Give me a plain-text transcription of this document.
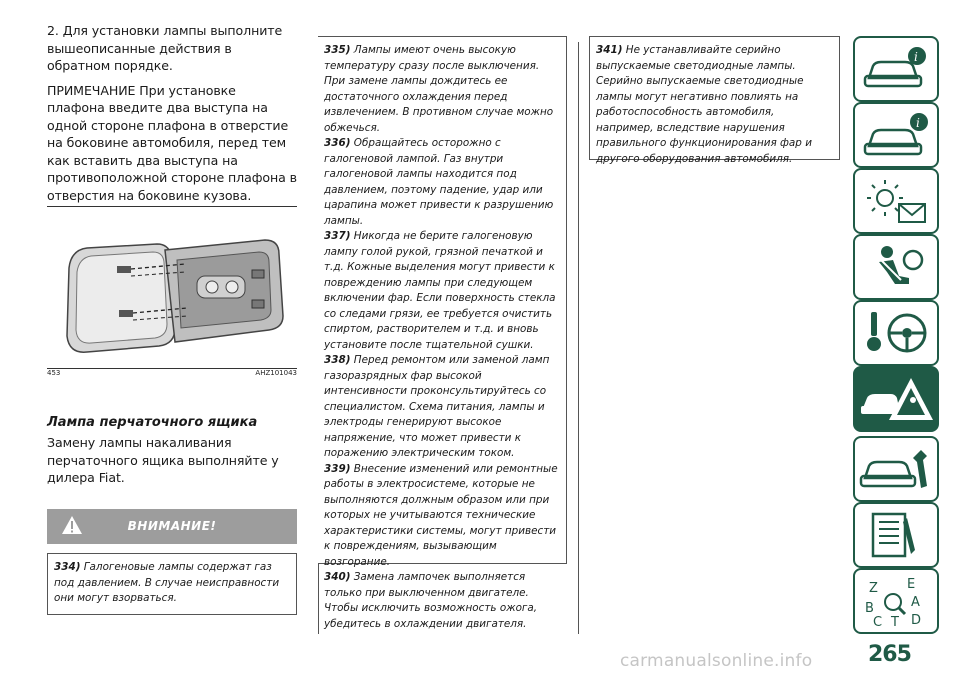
2. Для установки лампы выполните вышеописанные действия в обратном порядке.

ПРИМЕЧАНИЕ При установке плафона введите два выступа на одной стороне плафона в отверстие на боковине автомобиля, перед тем как вставить два выступа на противоположной стороне плафона в отверстия на боковине кузова.

453	AHZ101043
Лампа перчаточного ящика

Замену лампы накаливания перчаточного ящика выполняйте у дилера Fiat.

ВНИМАНИЕ!

334) Галогеновые лампы содержат газ под давлением. В случае неисправности они могут взорваться.

335) Лампы имеют очень высокую температуру сразу после выключения. При замене лампы дождитесь ее достаточного охлаждения перед извлечением. В противном случае можно обжечься.

336) Обращайтесь осторожно с галогеновой лампой. Газ внутри галогеновой лампы находится под давлением, поэтому падение, удар или царапина может привести к разрушению лампы.

337) Никогда не берите галогеновую лампу голой рукой, грязной печаткой и т.д. Кожные выделения могут привести к повреждению лампы при следующем включении фар. Если поверхность стекла со следами грязи, ее требуется очистить спиртом, растворителем и т.д. и вновь установите после тщательной сушки.

338) Перед ремонтом или заменой ламп газоразрядных фар высокой интенсивности проконсультируйтесь со специалистом. Схема питания, лампы и электроды генерируют высокое напряжение, что может привести к поражению электрическим током.

339) Внесение изменений или ремонтные работы в электросистеме, которые не выполняются должным образом или при которых не учитываются технические характеристики системы, могут привести к повреждениям, вызывающим возгорание.

340) Замена лампочек выполняется только при выключенном двигателе. Чтобы исключить возможность ожога, убедитесь в охлаждении двигателя.

341) Не устанавливайте серийно выпускаемые светодиодные лампы. Серийно выпускаемые светодиодные лампы могут негативно повлиять на работоспособность автомобиля, например, вследствие нарушения правильного функционирования фар и другого оборудования автомобиля.

i
i
Z E
B	A
C T D
265
carmanualsonline.info
